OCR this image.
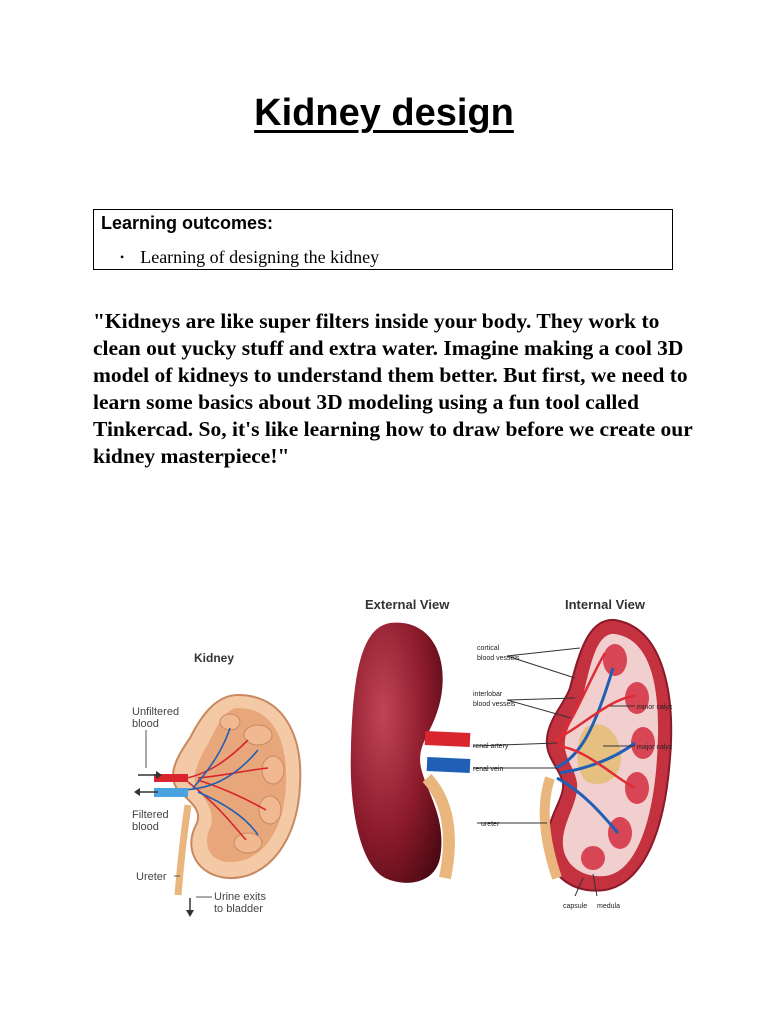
Kidney design
Learning outcomes:
• Learning of designing the kidney
"Kidneys are like super filters inside your body. They work to clean out yucky stuff and extra water. Imagine making a cool 3D model of kidneys to understand them better. But first, we need to learn some basics about 3D modeling using a fun tool called Tinkercad. So, it's like learning how to draw before we create our kidney masterpiece!"
Kidney
Unfiltered
blood
Filtered
blood
Ureter
Urine exits
to bladder
External View	Internal View
cortical
blood vessels
interlobar
blood vessels
renal artery
renal vein
ureter
minor calyx
major calyx
capsule medula
